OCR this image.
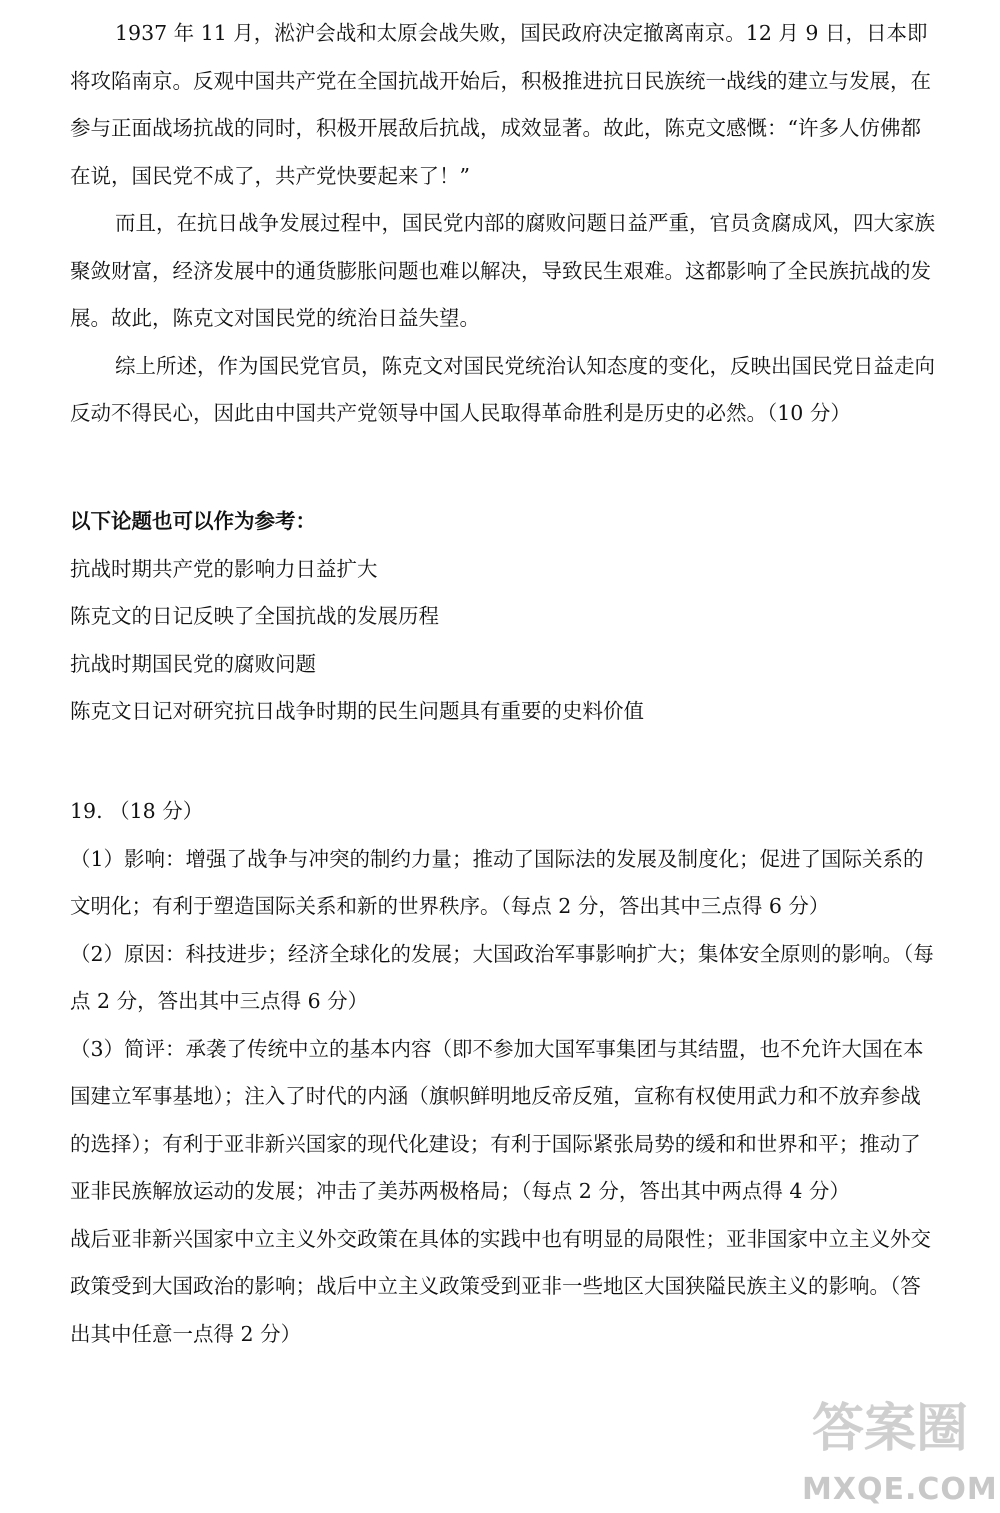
1937 年 11 月，淞沪会战和太原会战失败，国民政府决定撤离南京。12 月 9 日，日本即将攻陷南京。反观中国共产党在全国抗战开始后，积极推进抗日民族统一战线的建立与发展，在参与正面战场抗战的同时，积极开展敌后抗战，成效显著。故此，陈克文感慨：“许多人仿佛都在说，国民党不成了，共产党快要起来了！”

而且，在抗日战争发展过程中，国民党内部的腐败问题日益严重，官员贪腐成风，四大家族聚敛财富，经济发展中的通货膨胀问题也难以解决，导致民生艰难。这都影响了全民族抗战的发展。故此，陈克文对国民党的统治日益失望。

综上所述，作为国民党官员，陈克文对国民党统治认知态度的变化，反映出国民党日益走向反动不得民心，因此由中国共产党领导中国人民取得革命胜利是历史的必然。（10 分）

以下论题也可以作为参考：

抗战时期共产党的影响力日益扩大

陈克文的日记反映了全国抗战的发展历程

抗战时期国民党的腐败问题

陈克文日记对研究抗日战争时期的民生问题具有重要的史料价值

19. （18 分）

（1）影响：增强了战争与冲突的制约力量；推动了国际法的发展及制度化；促进了国际关系的文明化；有利于塑造国际关系和新的世界秩序。（每点 2 分，答出其中三点得 6 分）

（2）原因：科技进步；经济全球化的发展；大国政治军事影响扩大；集体安全原则的影响。（每点 2 分，答出其中三点得 6 分）

（3）简评：承袭了传统中立的基本内容（即不参加大国军事集团与其结盟，也不允许大国在本国建立军事基地）；注入了时代的内涵（旗帜鲜明地反帝反殖，宣称有权使用武力和不放弃参战的选择）；有利于亚非新兴国家的现代化建设；有利于国际紧张局势的缓和和世界和平；推动了亚非民族解放运动的发展；冲击了美苏两极格局；（每点 2 分，答出其中两点得 4 分）

战后亚非新兴国家中立主义外交政策在具体的实践中也有明显的局限性；亚非国家中立主义外交政策受到大国政治的影响；战后中立主义政策受到亚非一些地区大国狭隘民族主义的影响。（答出其中任意一点得 2 分）

答案圈
MXQE.COM
